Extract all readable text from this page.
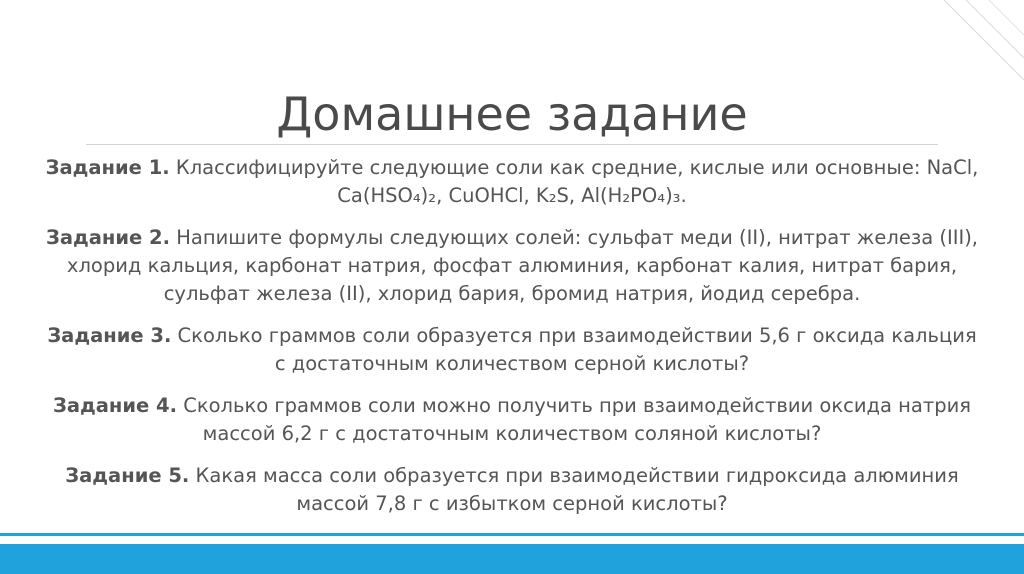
Домашнее задание
Задание 1. Классифицируйте следующие соли как средние, кислые или основные: NaCl, Ca(HSO₄)₂, CuOHCl, K₂S, Al(H₂PO₄)₃.
Задание 2. Напишите формулы следующих солей: сульфат меди (II), нитрат железа (III), хлорид кальция, карбонат натрия, фосфат алюминия, карбонат калия, нитрат бария, сульфат железа (II), хлорид бария, бромид натрия, йодид серебра.
Задание 3. Сколько граммов соли образуется при взаимодействии 5,6 г оксида кальция с достаточным количеством серной кислоты?
Задание 4. Сколько граммов соли можно получить при взаимодействии оксида натрия массой 6,2 г с достаточным количеством соляной кислоты?
Задание 5. Какая масса соли образуется при взаимодействии гидроксида алюминия массой 7,8 г с избытком серной кислоты?
